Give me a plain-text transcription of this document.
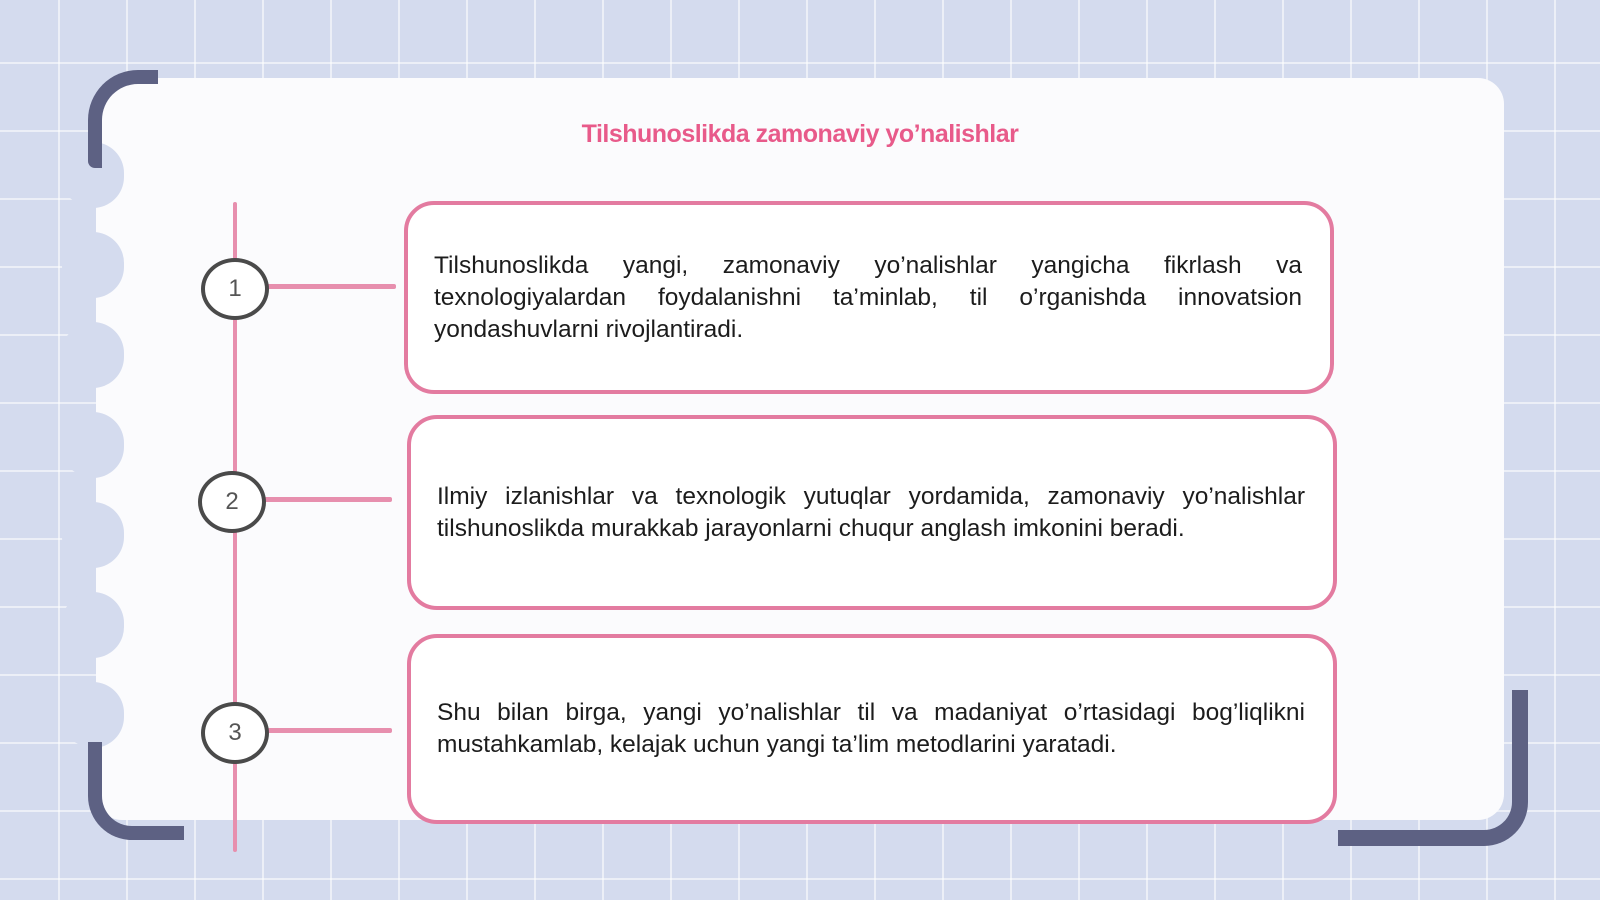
Tilshunoslikda zamonaviy yo’nalishlar
1
2
3

Tilshunoslikda yangi, zamonaviy yo’nalishlar yangicha fikrlash va texnologiyalardan foydalanishni ta’minlab, til o’rganishda innovatsion yondashuvlarni rivojlantiradi.

Ilmiy izlanishlar va texnologik yutuqlar yordamida, zamonaviy yo’nalishlar tilshunoslikda murakkab jarayonlarni chuqur anglash imkonini beradi.

Shu bilan birga, yangi yo’nalishlar til va madaniyat o’rtasidagi bog’liqlikni mustahkamlab, kelajak uchun yangi ta’lim metodlarini yaratadi.
